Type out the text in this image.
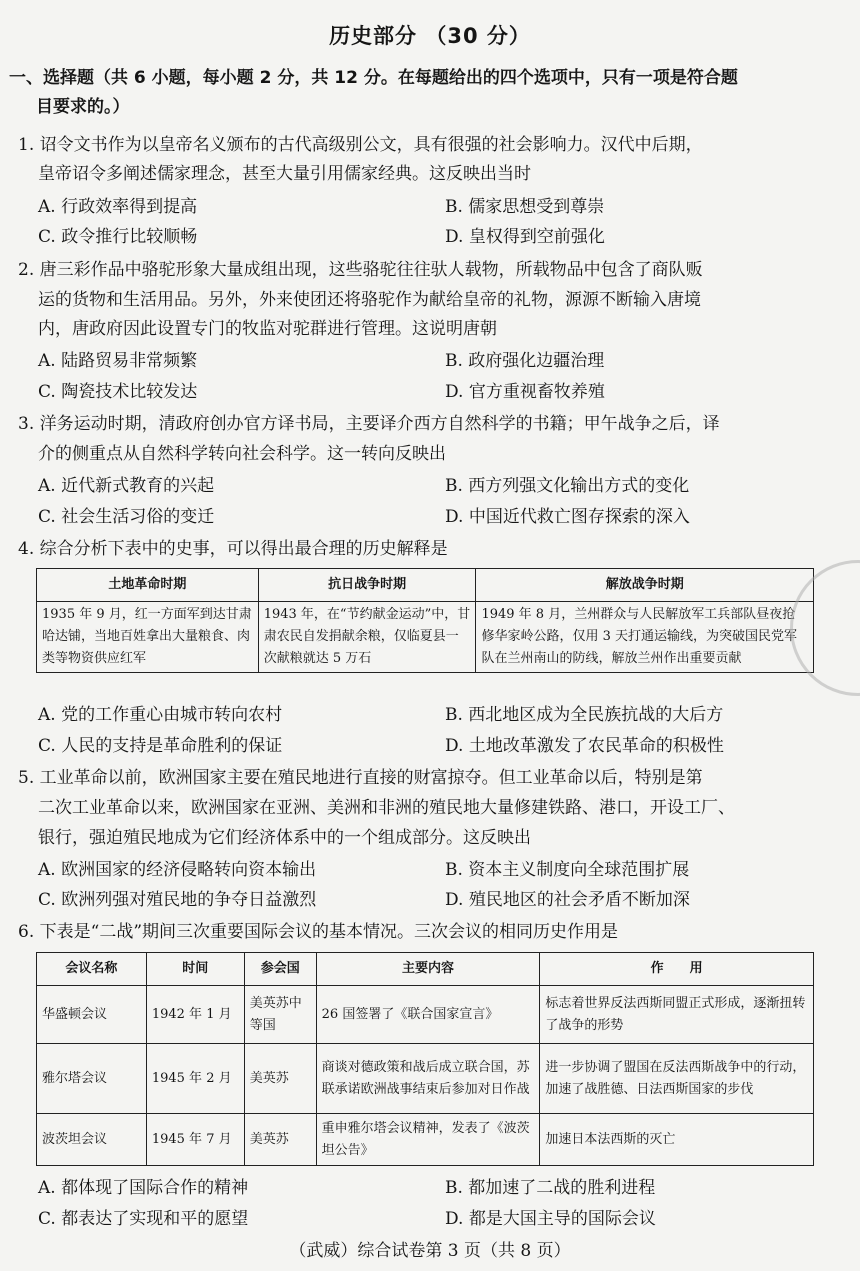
历史部分 （30 分）
一、选择题（共 6 小题，每小题 2 分，共 12 分。在每题给出的四个选项中，只有一项是符合题
目要求的。）
1. 诏令文书作为以皇帝名义颁布的古代高级别公文，具有很强的社会影响力。汉代中后期，
皇帝诏令多阐述儒家理念，甚至大量引用儒家经典。这反映出当时
A. 行政效率得到提高	B. 儒家思想受到尊崇
C. 政令推行比较顺畅	D. 皇权得到空前强化
2. 唐三彩作品中骆驼形象大量成组出现，这些骆驼往往驮人载物，所载物品中包含了商队贩
运的货物和生活用品。另外，外来使团还将骆驼作为献给皇帝的礼物，源源不断输入唐境
内，唐政府因此设置专门的牧监对驼群进行管理。这说明唐朝
A. 陆路贸易非常频繁	B. 政府强化边疆治理
C. 陶瓷技术比较发达	D. 官方重视畜牧养殖
3. 洋务运动时期，清政府创办官方译书局，主要译介西方自然科学的书籍；甲午战争之后，译
介的侧重点从自然科学转向社会科学。这一转向反映出
A. 近代新式教育的兴起	B. 西方列强文化输出方式的变化
C. 社会生活习俗的变迁	D. 中国近代救亡图存探索的深入
4. 综合分析下表中的史事，可以得出最合理的历史解释是
土地革命时期	抗日战争时期	解放战争时期
1935 年 9 月，红一方面军到达甘肃哈达铺，当地百姓拿出大量粮食、肉类等物资供应红军	1943 年，在“节约献金运动”中，甘肃农民自发捐献余粮，仅临夏县一次献粮就达 5 万石	1949 年 8 月，兰州群众与人民解放军工兵部队昼夜抢修华家岭公路，仅用 3 天打通运输线，为突破国民党军队在兰州南山的防线，解放兰州作出重要贡献
A. 党的工作重心由城市转向农村	B. 西北地区成为全民族抗战的大后方
C. 人民的支持是革命胜利的保证	D. 土地改革激发了农民革命的积极性
5. 工业革命以前，欧洲国家主要在殖民地进行直接的财富掠夺。但工业革命以后，特别是第
二次工业革命以来，欧洲国家在亚洲、美洲和非洲的殖民地大量修建铁路、港口，开设工厂、
银行，强迫殖民地成为它们经济体系中的一个组成部分。这反映出
A. 欧洲国家的经济侵略转向资本输出	B. 资本主义制度向全球范围扩展
C. 欧洲列强对殖民地的争夺日益激烈	D. 殖民地区的社会矛盾不断加深
6. 下表是“二战”期间三次重要国际会议的基本情况。三次会议的相同历史作用是
会议名称	时间	参会国	主要内容	作　　用
华盛顿会议	1942 年 1 月	美英苏中等国	26 国签署了《联合国家宣言》	标志着世界反法西斯同盟正式形成，逐渐扭转了战争的形势
雅尔塔会议	1945 年 2 月	美英苏	商谈对德政策和战后成立联合国，苏联承诺欧洲战事结束后参加对日作战	进一步协调了盟国在反法西斯战争中的行动，加速了战胜德、日法西斯国家的步伐
波茨坦会议	1945 年 7 月	美英苏	重申雅尔塔会议精神，发表了《波茨坦公告》	加速日本法西斯的灭亡
A. 都体现了国际合作的精神	B. 都加速了二战的胜利进程
C. 都表达了实现和平的愿望	D. 都是大国主导的国际会议
（武威）综合试卷第 3 页（共 8 页）
